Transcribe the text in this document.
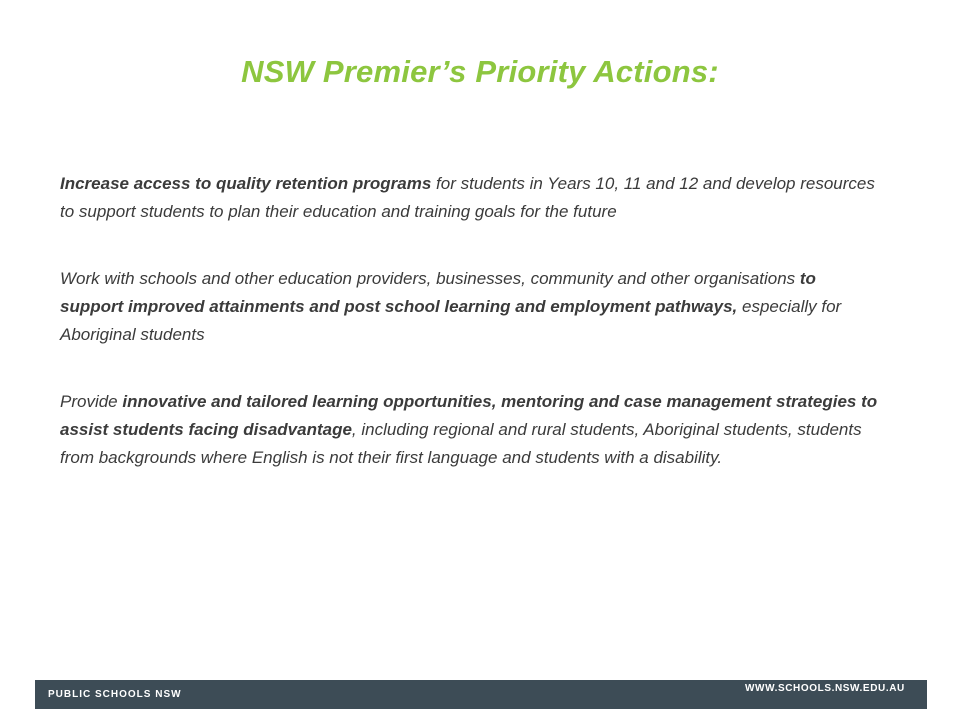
NSW Premier’s Priority Actions:

Increase access to quality retention programs for students in Years 10, 11 and 12 and develop resources to support students to plan their education and training goals for the future

Work with schools and other education providers, businesses, community and other organisations to support improved attainments and post school learning and employment pathways, especially for Aboriginal students

Provide innovative and tailored learning opportunities, mentoring and case management strategies to assist students facing disadvantage, including regional and rural students, Aboriginal students, students from backgrounds where English is not their first language and students with a disability.

PUBLIC SCHOOLS NSW
WWW.SCHOOLS.NSW.EDU.AU
